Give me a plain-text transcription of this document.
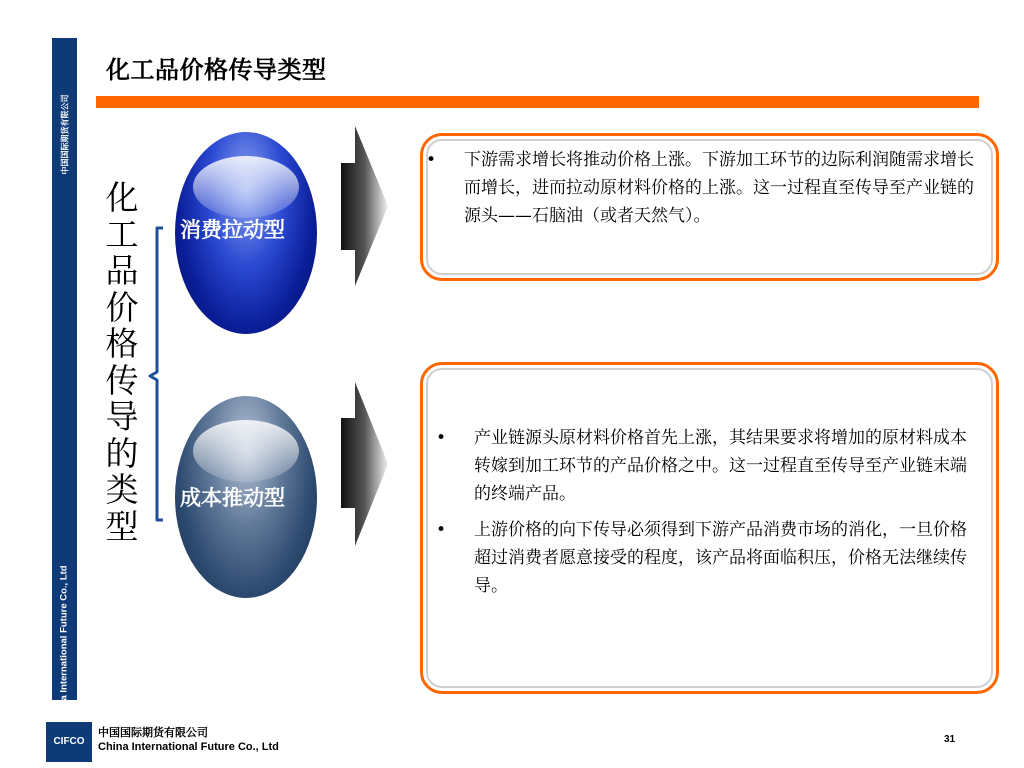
中国国际期货有限公司
China International Future Co., Ltd
化工品价格传导类型
化工品价格传导的类型
消费拉动型
成本推动型
• 下游需求增长将推动价格上涨。下游加工环节的边际利润随需求增长而增长，进而拉动原材料价格的上涨。这一过程直至传导至产业链的源头——石脑油（或者天然气）。
• 产业链源头原材料价格首先上涨，其结果要求将增加的原材料成本转嫁到加工环节的产品价格之中。这一过程直至传导至产业链末端的终端产品。
• 上游价格的向下传导必须得到下游产品消费市场的消化，一旦价格超过消费者愿意接受的程度，该产品将面临积压，价格无法继续传导。
CIFCO
中国国际期货有限公司
China International Future Co., Ltd
31
